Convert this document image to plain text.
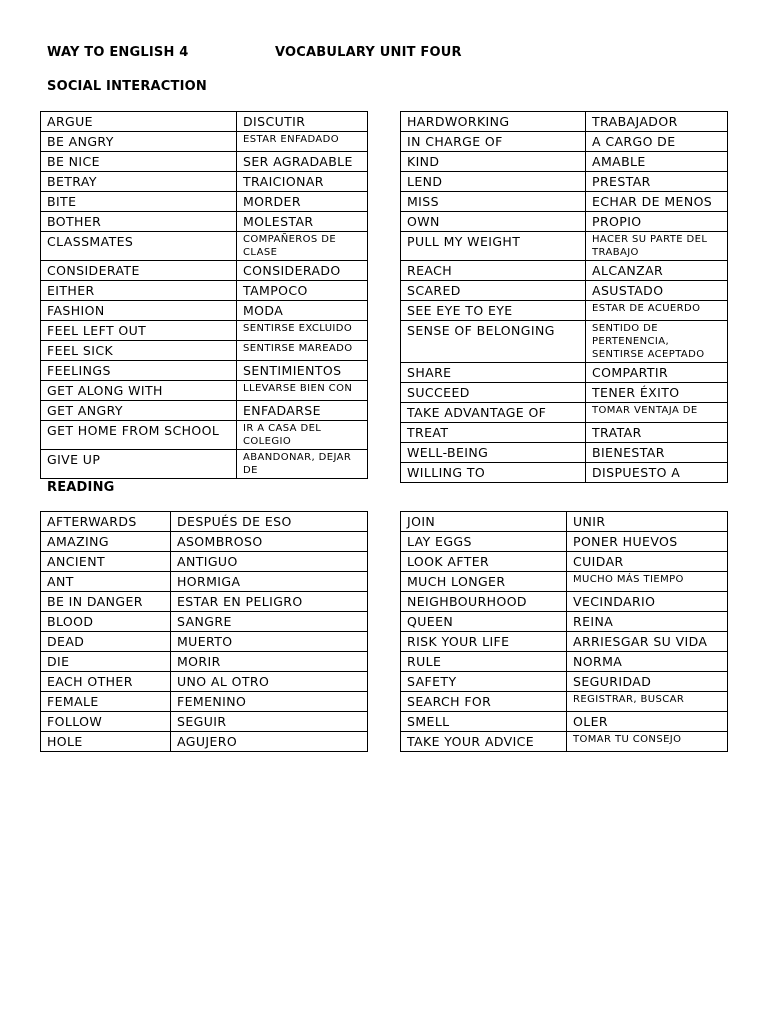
WAY TO ENGLISH 4	VOCABULARY UNIT FOUR
SOCIAL INTERACTION
ARGUE	DISCUTIR
BE ANGRY	ESTAR ENFADADO
BE NICE	SER AGRADABLE
BETRAY	TRAICIONAR
BITE	MORDER
BOTHER	MOLESTAR
CLASSMATES	COMPAÑEROS DE CLASE
CONSIDERATE	CONSIDERADO
EITHER	TAMPOCO
FASHION	MODA
FEEL LEFT OUT	SENTIRSE EXCLUIDO
FEEL SICK	SENTIRSE MAREADO
FEELINGS	SENTIMIENTOS
GET ALONG WITH	LLEVARSE BIEN CON
GET ANGRY	ENFADARSE
GET HOME FROM SCHOOL	IR A CASA DEL COLEGIO
GIVE UP	ABANDONAR, DEJAR DE
HARDWORKING	TRABAJADOR
IN CHARGE OF	A CARGO DE
KIND	AMABLE
LEND	PRESTAR
MISS	ECHAR DE MENOS
OWN	PROPIO
PULL MY WEIGHT	HACER SU PARTE DEL TRABAJO
REACH	ALCANZAR
SCARED	ASUSTADO
SEE EYE TO EYE	ESTAR DE ACUERDO
SENSE OF BELONGING	SENTIDO DE PERTENENCIA, SENTIRSE ACEPTADO
SHARE	COMPARTIR
SUCCEED	TENER ÉXITO
TAKE ADVANTAGE OF	TOMAR VENTAJA DE
TREAT	TRATAR
WELL-BEING	BIENESTAR
WILLING TO	DISPUESTO A
READING
AFTERWARDS	DESPUÉS DE ESO
AMAZING	ASOMBROSO
ANCIENT	ANTIGUO
ANT	HORMIGA
BE IN DANGER	ESTAR EN PELIGRO
BLOOD	SANGRE
DEAD	MUERTO
DIE	MORIR
EACH OTHER	UNO AL OTRO
FEMALE	FEMENINO
FOLLOW	SEGUIR
HOLE	AGUJERO
JOIN	UNIR
LAY EGGS	PONER HUEVOS
LOOK AFTER	CUIDAR
MUCH LONGER	MUCHO MÁS TIEMPO
NEIGHBOURHOOD	VECINDARIO
QUEEN	REINA
RISK YOUR LIFE	ARRIESGAR SU VIDA
RULE	NORMA
SAFETY	SEGURIDAD
SEARCH FOR	REGISTRAR, BUSCAR
SMELL	OLER
TAKE YOUR ADVICE	TOMAR TU CONSEJO
